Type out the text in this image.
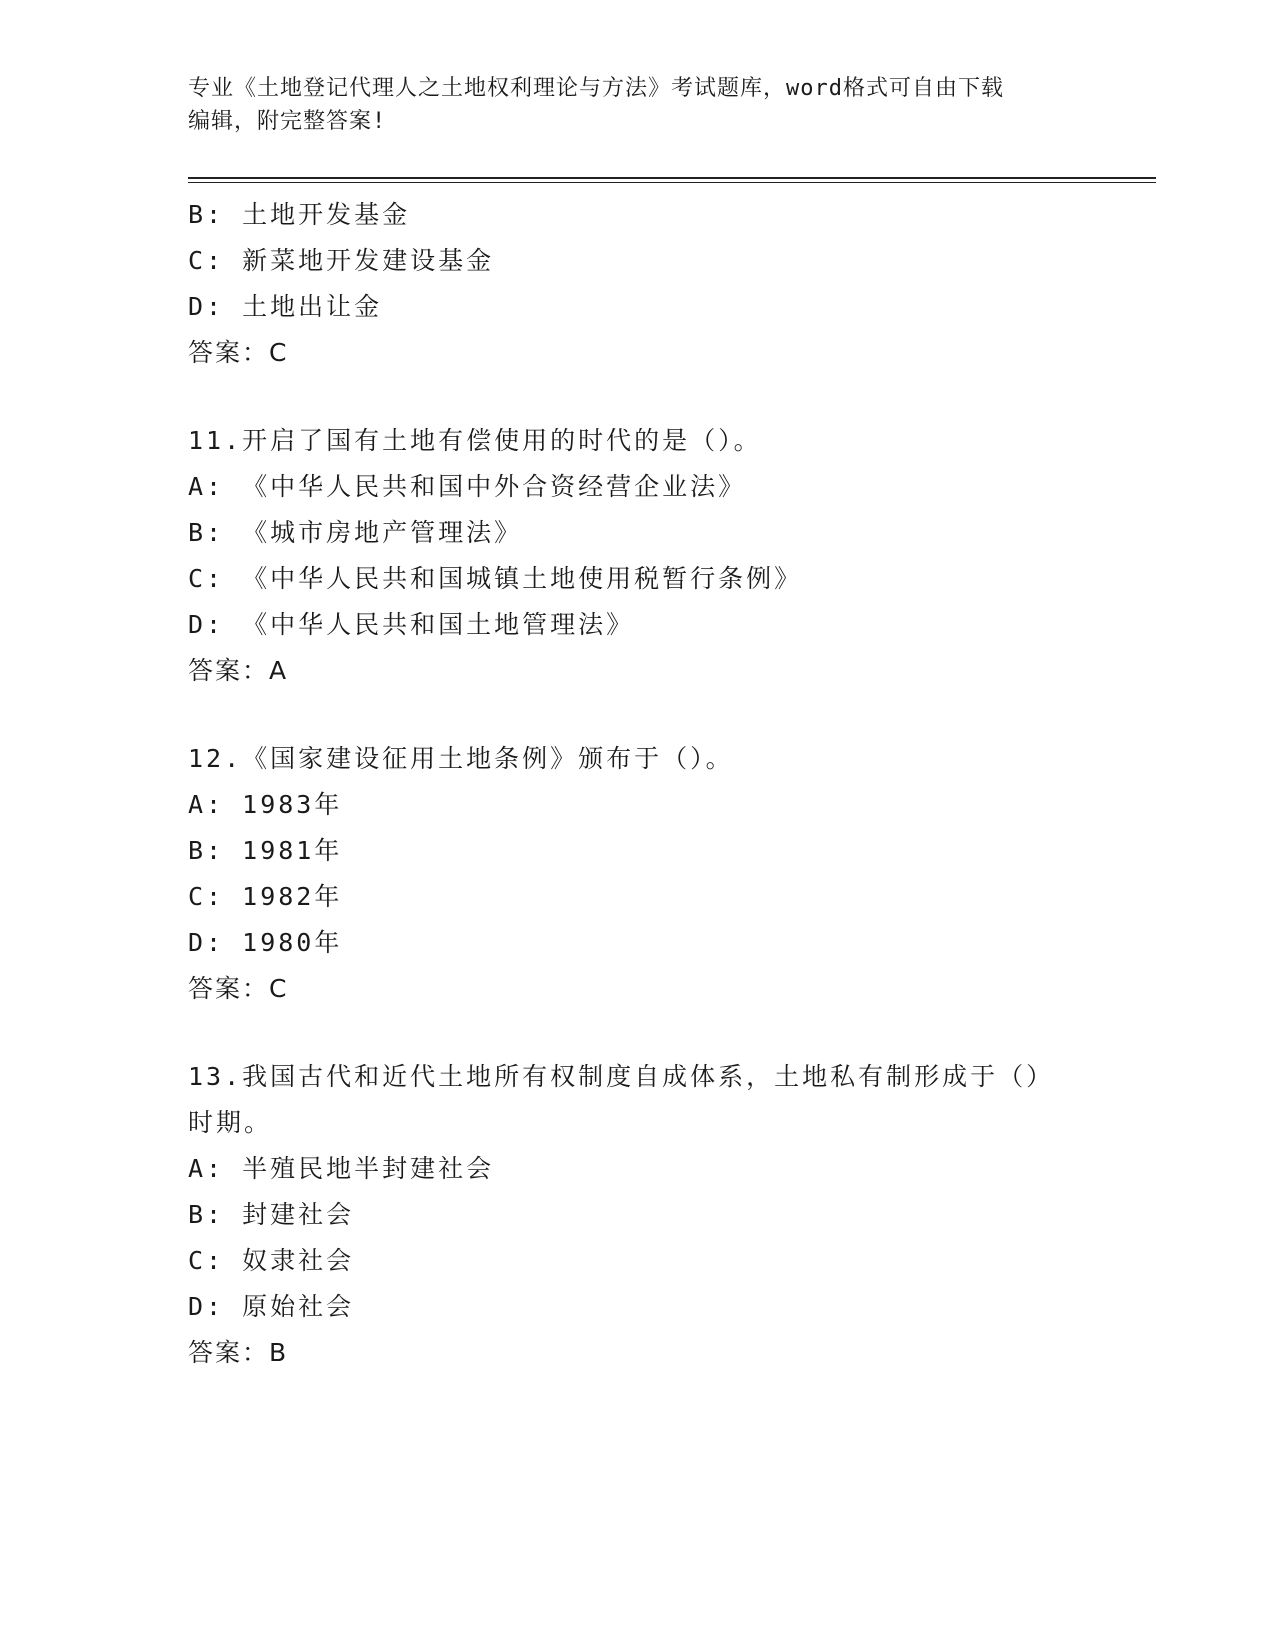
专业《土地登记代理人之土地权利理论与方法》考试题库，word格式可自由下载
编辑，附完整答案!
B: 土地开发基金
C: 新菜地开发建设基金
D: 土地出让金
答案：C
11.开启了国有土地有偿使用的时代的是（）。
A: 《中华人民共和国中外合资经营企业法》
B: 《城市房地产管理法》
C: 《中华人民共和国城镇土地使用税暂行条例》
D: 《中华人民共和国土地管理法》
答案：A
12.《国家建设征用土地条例》颁布于（）。
A: 1983年
B: 1981年
C: 1982年
D: 1980年
答案：C
13.我国古代和近代土地所有权制度自成体系，土地私有制形成于（）
时期。
A: 半殖民地半封建社会
B: 封建社会
C: 奴隶社会
D: 原始社会
答案：B
